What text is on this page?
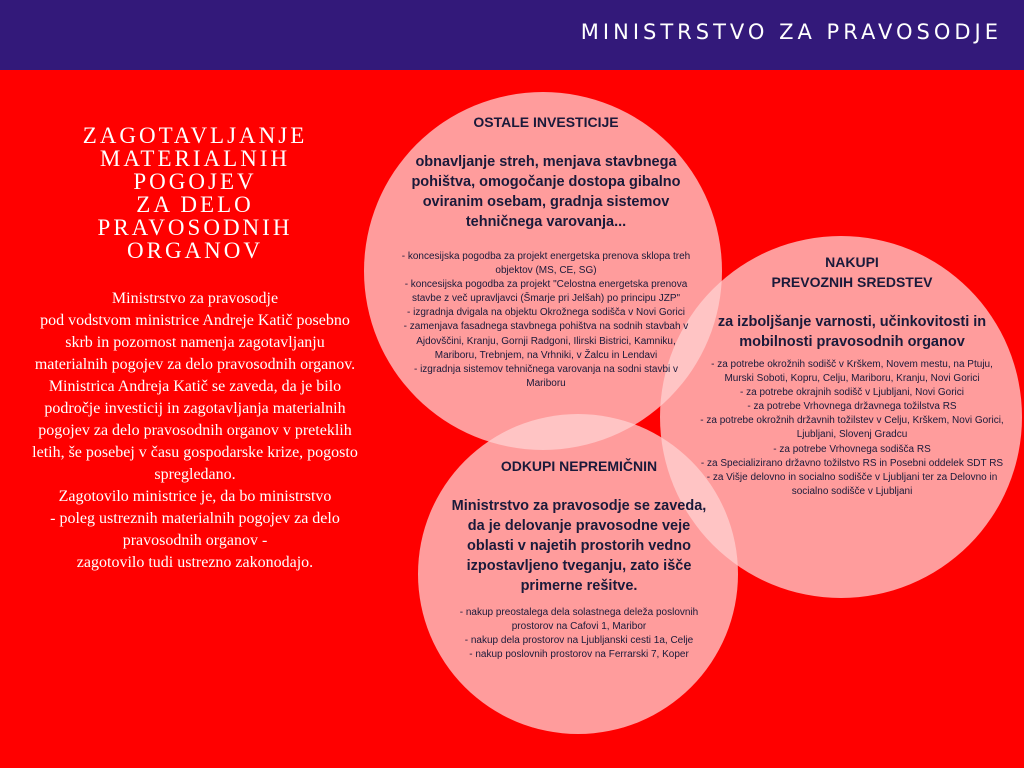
MINISTRSTVO ZA PRAVOSODJE
ZAGOTAVLJANJE
MATERIALNIH
POGOJEV
ZA DELO
PRAVOSODNIH
ORGANOV

Ministrstvo za pravosodje

pod vodstvom ministrice Andreje Katič posebno skrb in pozornost namenja zagotavljanju materialnih pogojev za delo pravosodnih organov.

Ministrica Andreja Katič se zaveda, da je bilo področje investicij in zagotavljanja materialnih pogojev za delo pravosodnih organov v preteklih letih, še posebej v času gospodarske krize, pogosto spregledano.

Zagotovilo ministrice je, da bo ministrstvo

- poleg ustreznih materialnih pogojev za delo pravosodnih organov -

zagotovilo tudi ustrezno zakonodajo.

OSTALE INVESTICIJE
obnavljanje streh, menjava stavbnega pohištva, omogočanje dostopa gibalno oviranim osebam, gradnja sistemov tehničnega varovanja...
- koncesijska pogodba za projekt energetska prenova sklopa treh objektov (MS, CE, SG)
- koncesijska pogodba za projekt "Celostna energetska prenova stavbe z več upravljavci (Šmarje pri Jelšah) po principu JZP"
- izgradnja dvigala na objektu Okrožnega sodišča v Novi Gorici
- zamenjava fasadnega stavbnega pohištva na sodnih stavbah v Ajdovščini, Kranju, Gornji Radgoni, Ilirski Bistrici, Kamniku, Mariboru, Trebnjem, na Vrhniki, v Žalcu in Lendavi
- izgradnja sistemov tehničnega varovanja na sodni stavbi v Mariboru
NAKUPI
PREVOZNIH SREDSTEV
za izboljšanje varnosti, učinkovitosti in mobilnosti pravosodnih organov
- za potrebe okrožnih sodišč v Krškem, Novem mestu, na Ptuju, Murski Soboti, Kopru, Celju, Mariboru, Kranju, Novi Gorici
- za potrebe okrajnih sodišč v Ljubljani, Novi Gorici
- za potrebe Vrhovnega državnega tožilstva RS
- za potrebe okrožnih državnih tožilstev v Celju, Krškem, Novi Gorici, Ljubljani, Slovenj Gradcu
- za potrebe Vrhovnega sodišča RS
- za Specializirano državno tožilstvo RS in Posebni oddelek SDT RS
- za Višje delovno in socialno sodišče v Ljubljani ter za Delovno in socialno sodišče v Ljubljani
ODKUPI NEPREMIČNIN
Ministrstvo za pravosodje se zaveda, da je delovanje pravosodne veje oblasti v najetih prostorih vedno izpostavljeno tveganju, zato išče primerne rešitve.
- nakup preostalega dela solastnega deleža poslovnih prostorov na Cafovi 1, Maribor
- nakup dela prostorov na Ljubljanski cesti 1a, Celje
- nakup poslovnih prostorov na Ferrarski 7, Koper
